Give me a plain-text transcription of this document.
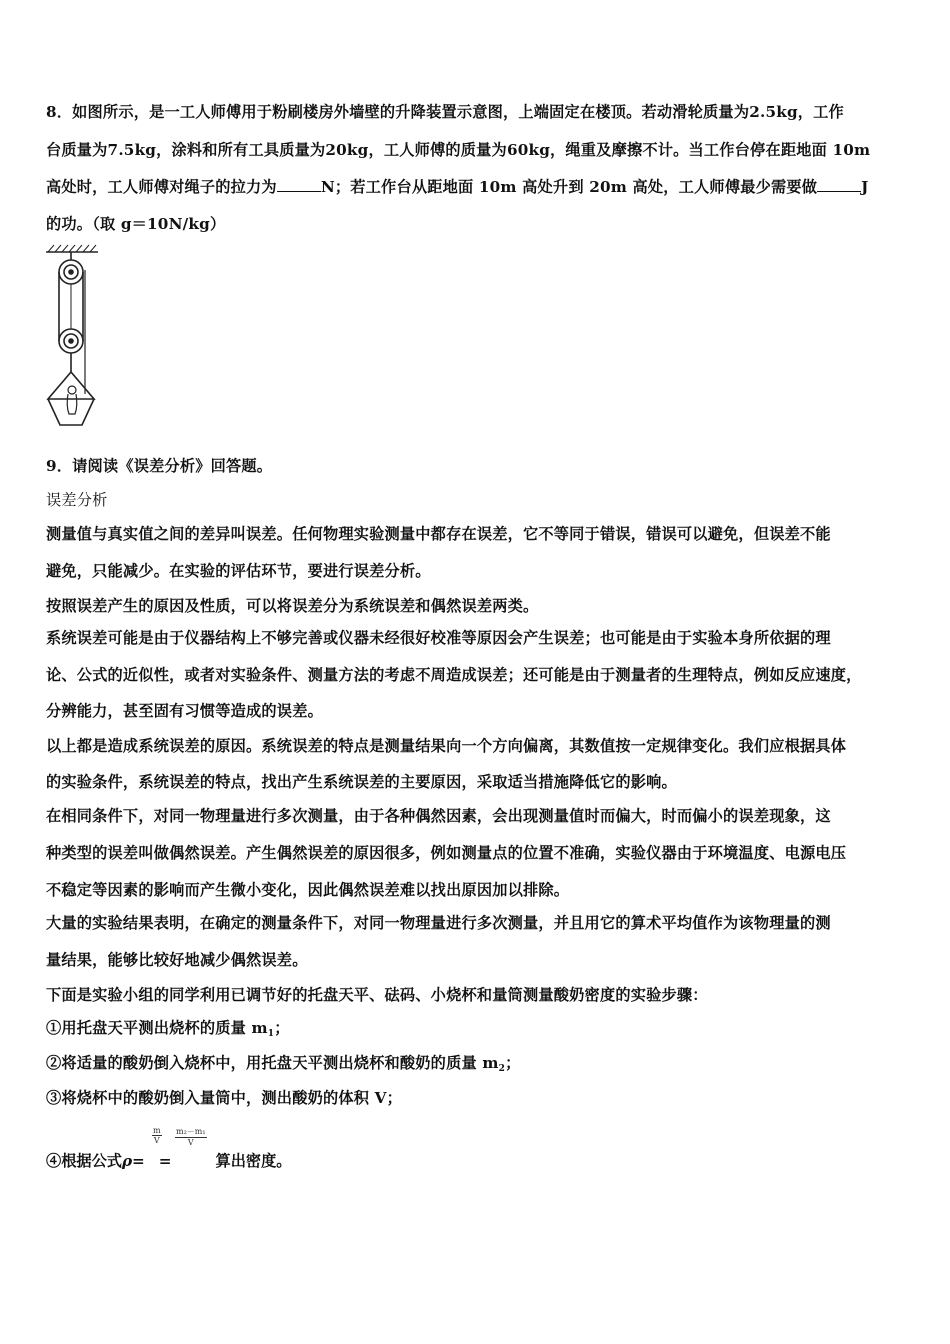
8．如图所示，是一工人师傅用于粉刷楼房外墙壁的升降装置示意图，上端固定在楼顶。若动滑轮质量为2.5kg，工作
台质量为7.5kg，涂料和所有工具质量为20kg，工人师傅的质量为60kg，绳重及摩擦不计。当工作台停在距地面 10m
高处时，工人师傅对绳子的拉力为	N；若工作台从距地面 10m 高处升到 20m 高处，工人师傅最少需要做	J
的功。（取 g＝10N/kg）
9．请阅读《误差分析》回答题。
误差分析
测量值与真实值之间的差异叫误差。任何物理实验测量中都存在误差，它不等同于错误，错误可以避免，但误差不能
避免，只能减少。在实验的评估环节，要进行误差分析。
按照误差产生的原因及性质，可以将误差分为系统误差和偶然误差两类。
系统误差可能是由于仪器结构上不够完善或仪器未经很好校准等原因会产生误差；也可能是由于实验本身所依据的理
论、公式的近似性，或者对实验条件、测量方法的考虑不周造成误差；还可能是由于测量者的生理特点，例如反应速度，
分辨能力，甚至固有习惯等造成的误差。
以上都是造成系统误差的原因。系统误差的特点是测量结果向一个方向偏离，其数值按一定规律变化。我们应根据具体
的实验条件，系统误差的特点，找出产生系统误差的主要原因，采取适当措施降低它的影响。
在相同条件下，对同一物理量进行多次测量，由于各种偶然因素，会出现测量值时而偏大，时而偏小的误差现象，这
种类型的误差叫做偶然误差。产生偶然误差的原因很多，例如测量点的位置不准确，实验仪器由于环境温度、电源电压
不稳定等因素的影响而产生微小变化，因此偶然误差难以找出原因加以排除。
大量的实验结果表明，在确定的测量条件下，对同一物理量进行多次测量，并且用它的算术平均值作为该物理量的测
量结果，能够比较好地减少偶然误差。
下面是实验小组的同学利用已调节好的托盘天平、砝码、小烧杯和量筒测量酸奶密度的实验步骤：
①用托盘天平测出烧杯的质量 $m_1$；
②将适量的酸奶倒入烧杯中，用托盘天平测出烧杯和酸奶的质量 $m_2$；
③将烧杯中的酸奶倒入量筒中，测出酸奶的体积 V；
$\frac{m}{V} \frac{\text{m₂－m₁}}{V}$
④根据公式ρ= =	算出密度。
